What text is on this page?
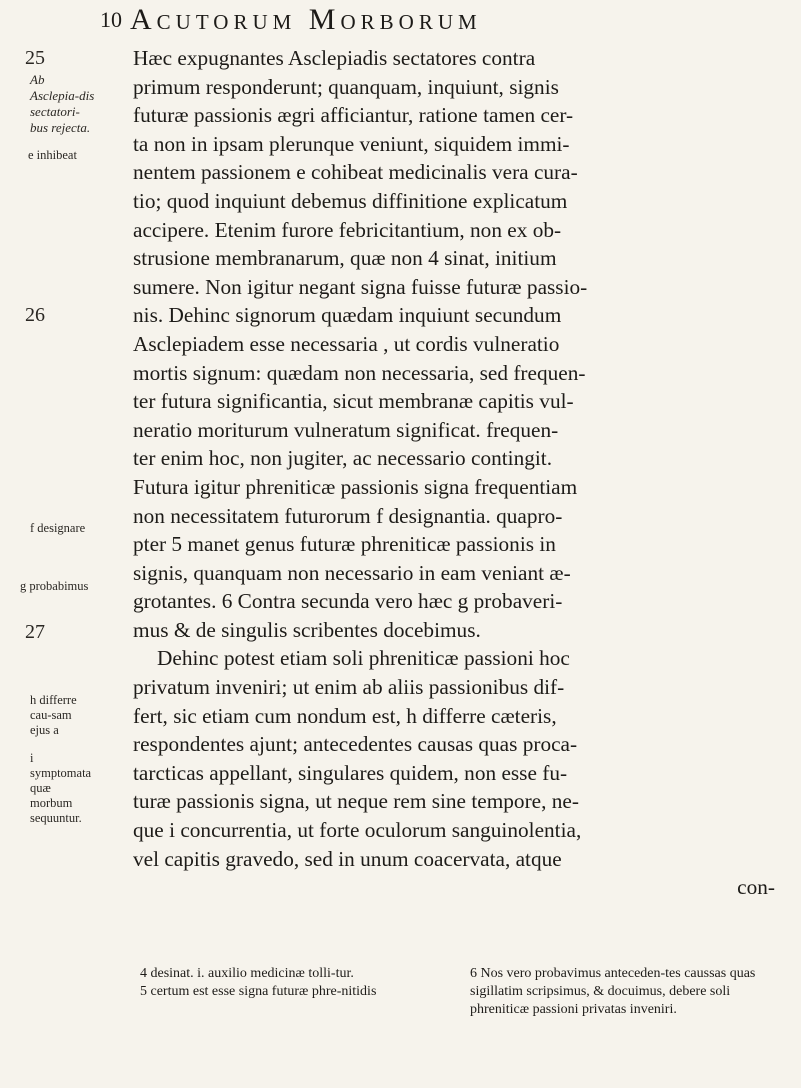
10 Acutorum Morborum
25
Ab Asclepia-dis sectatori-bus rejecta.
e inhibeat
26
f designare
g probabimus
27
h differre cau-sam ejus a
i symptomata quæ morbum sequuntur.
Hæc expugnantes Asclepiadis sectatores contra
primum responderunt; quanquam, inquiunt, signis
futuræ passionis ægri afficiantur, ratione tamen cer-
ta non in ipsam plerunque veniunt, siquidem immi-
nentem passionem e cohibeat medicinalis vera cura-
tio; quod inquiunt debemus diffinitione explicatum
accipere. Etenim furore febricitantium, non ex ob-
strusione membranarum, quæ non 4 sinat, initium
sumere. Non igitur negant signa fuisse futuræ passio-
nis. Dehinc signorum quædam inquiunt secundum
Asclepiadem esse necessaria , ut cordis vulneratio
mortis signum: quædam non necessaria, sed frequen-
ter futura significantia, sicut membranæ capitis vul-
neratio moriturum vulneratum significat. frequen-
ter enim hoc, non jugiter, ac necessario contingit.
Futura igitur phreniticæ passionis signa frequentiam
non necessitatem futurorum f designantia. quapro-
pter 5 manet genus futuræ phreniticæ passionis in
signis, quanquam non necessario in eam veniant æ-
grotantes. 6 Contra secunda vero hæc g probaveri-
mus & de singulis scribentes docebimus.
Dehinc potest etiam soli phreniticæ passioni hoc
privatum inveniri; ut enim ab aliis passionibus dif-
fert, sic etiam cum nondum est, h differre cæteris,
respondentes ajunt; antecedentes causas quas proca-
tarcticas appellant, singulares quidem, non esse fu-
turæ passionis signa, ut neque rem sine tempore, ne-
que i concurrentia, ut forte oculorum sanguinolentia,
vel capitis gravedo, sed in unum coacervata, atque
con-

4 desinat. i. auxilio medicinæ tolli-tur.

5 certum est esse signa futuræ phre-nitidis

6 Nos vero probavimus anteceden-tes caussas quas sigillatim scripsimus, & docuimus, debere soli phreniticæ passioni privatas inveniri.
